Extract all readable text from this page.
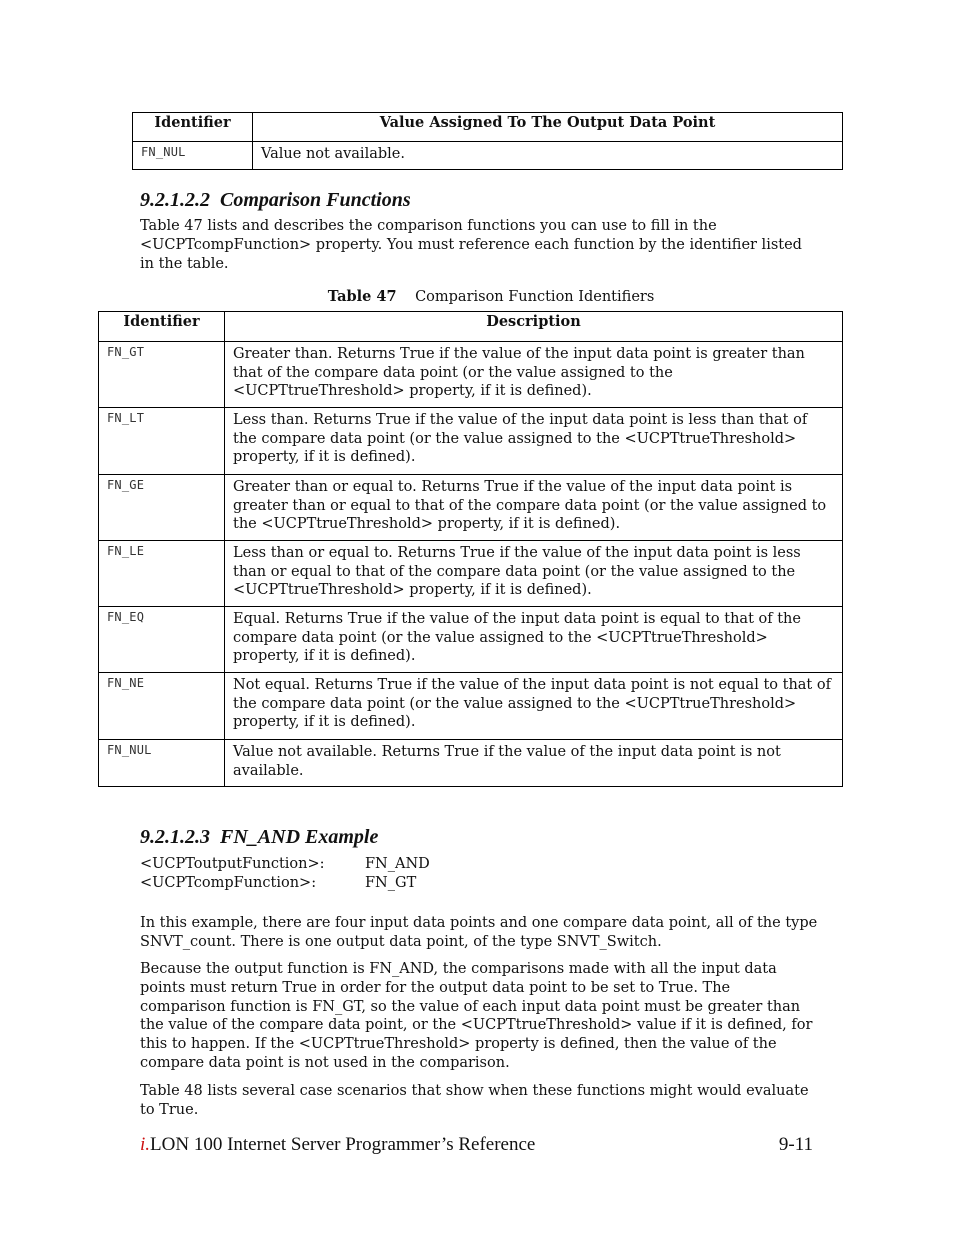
Identifier	Value Assigned To The Output Data Point
FN_NUL	Value not available.
9.2.1.2.2  Comparison Functions
Table 47 lists and describes the comparison functions you can use to fill in the <UCPTcompFunction> property. You must reference each function by the identifier listed in the table.
Table 47 Comparison Function Identifiers
Identifier	Description
FN_GT	Greater than. Returns True if the value of the input data point is greater than that of the compare data point (or the value assigned to the <UCPTtrueThreshold> property, if it is defined).
FN_LT	Less than. Returns True if the value of the input data point is less than that of the compare data point (or the value assigned to the <UCPTtrueThreshold> property, if it is defined).
FN_GE	Greater than or equal to. Returns True if the value of the input data point is greater than or equal to that of the compare data point (or the value assigned to the <UCPTtrueThreshold> property, if it is defined).
FN_LE	Less than or equal to. Returns True if the value of the input data point is less than or equal to that of the compare data point (or the value assigned to the <UCPTtrueThreshold> property, if it is defined).
FN_EQ	Equal. Returns True if the value of the input data point is equal to that of the compare data point (or the value assigned to the <UCPTtrueThreshold> property, if it is defined).
FN_NE	Not equal. Returns True if the value of the input data point is not equal to that of the compare data point (or the value assigned to the <UCPTtrueThreshold> property, if it is defined).
FN_NUL	Value not available. Returns True if the value of the input data point is not available.
9.2.1.2.3  FN_AND Example
<UCPToutputFunction>:	FN_AND
<UCPTcompFunction>:	FN_GT
In this example, there are four input data points and one compare data point, all of the type SNVT_count. There is one output data point, of the type SNVT_Switch.
Because the output function is FN_AND, the comparisons made with all the input data points must return True in order for the output data point to be set to True. The comparison function is FN_GT, so the value of each input data point must be greater than the value of the compare data point, or the <UCPTtrueThreshold> value if it is defined, for this to happen. If the <UCPTtrueThreshold> property is defined, then the value of the compare data point is not used in the comparison.
Table 48 lists several case scenarios that show when these functions might would evaluate to True.
i.LON 100 Internet Server Programmer’s Reference	9-11
